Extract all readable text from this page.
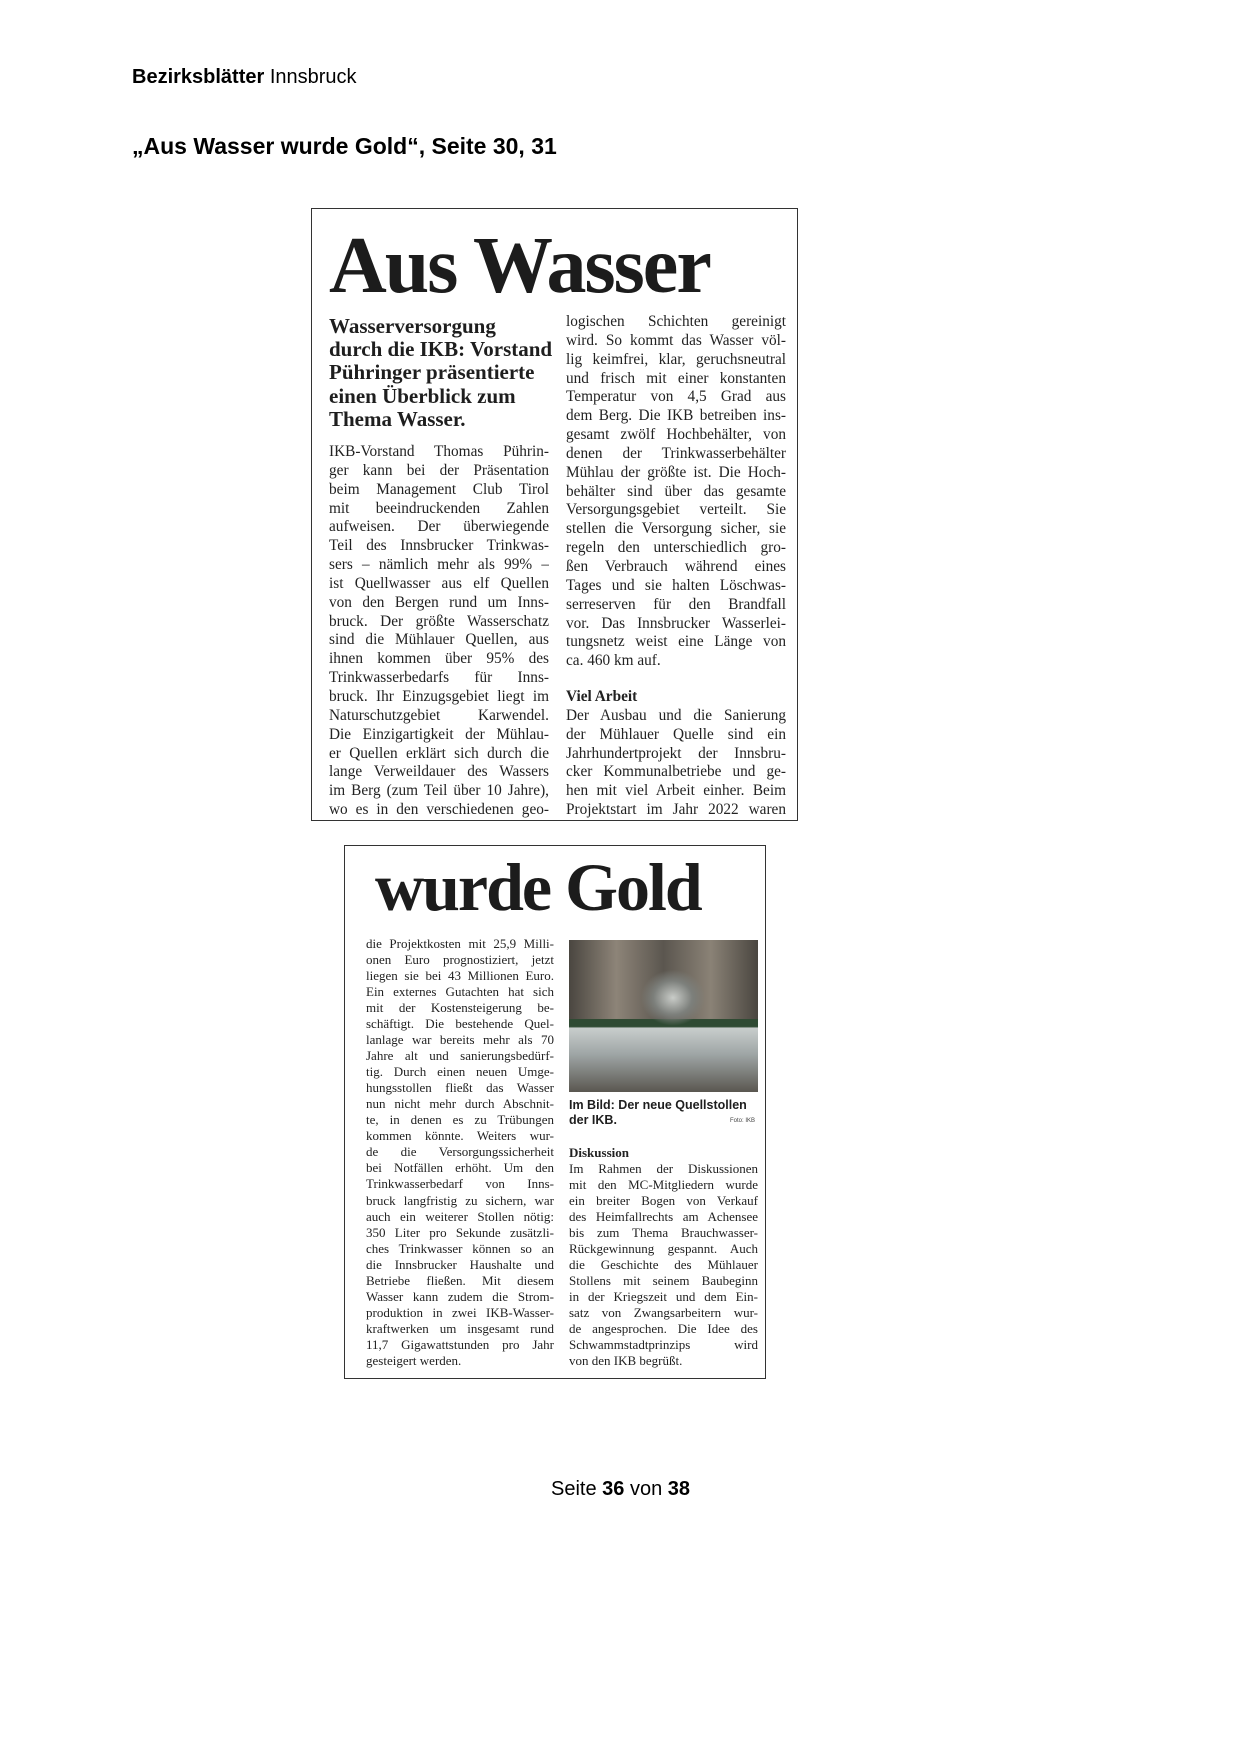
Bezirksblätter Innsbruck
„Aus Wasser wurde Gold“, Seite 30, 31
Aus Wasser
Wasserversorgung
durch die IKB: Vorstand
Pühringer präsentierte
einen Überblick zum
Thema Wasser.
IKB-Vorstand Thomas Pührin-
ger kann bei der Präsentation
beim Management Club Tirol
mit beeindruckenden Zahlen
aufweisen. Der überwiegende
Teil des Innsbrucker Trinkwas-
sers – nämlich mehr als 99% –
ist Quellwasser aus elf Quellen
von den Bergen rund um Inns-
bruck. Der größte Wasserschatz
sind die Mühlauer Quellen, aus
ihnen kommen über 95% des
Trinkwasserbedarfs für Inns-
bruck. Ihr Einzugsgebiet liegt im
Naturschutzgebiet Karwendel.
Die Einzigartigkeit der Mühlau-
er Quellen erklärt sich durch die
lange Verweildauer des Wassers
im Berg (zum Teil über 10 Jahre),
wo es in den verschiedenen geo-
logischen Schichten gereinigt
wird. So kommt das Wasser völ-
lig keimfrei, klar, geruchsneutral
und frisch mit einer konstanten
Temperatur von 4,5 Grad aus
dem Berg. Die IKB betreiben ins-
gesamt zwölf Hochbehälter, von
denen der Trinkwasserbehälter
Mühlau der größte ist. Die Hoch-
behälter sind über das gesamte
Versorgungsgebiet verteilt. Sie
stellen die Versorgung sicher, sie
regeln den unterschiedlich gro-
ßen Verbrauch während eines
Tages und sie halten Löschwas-
serreserven für den Brandfall
vor. Das Innsbrucker Wasserlei-
tungsnetz weist eine Länge von
ca. 460 km auf.
Viel Arbeit
Der Ausbau und die Sanierung
der Mühlauer Quelle sind ein
Jahrhundertprojekt der Innsbru-
cker Kommunalbetriebe und ge-
hen mit viel Arbeit einher. Beim
Projektstart im Jahr 2022 waren
wurde Gold
die Projektkosten mit 25,9 Milli-
onen Euro prognostiziert, jetzt
liegen sie bei 43 Millionen Euro.
Ein externes Gutachten hat sich
mit der Kostensteigerung be-
schäftigt. Die bestehende Quel-
lanlage war bereits mehr als 70
Jahre alt und sanierungsbedürf-
tig. Durch einen neuen Umge-
hungsstollen fließt das Wasser
nun nicht mehr durch Abschnit-
te, in denen es zu Trübungen
kommen könnte. Weiters wur-
de die Versorgungssicherheit
bei Notfällen erhöht. Um den
Trinkwasserbedarf von Inns-
bruck langfristig zu sichern, war
auch ein weiterer Stollen nötig:
350 Liter pro Sekunde zusätzli-
ches Trinkwasser können so an
die Innsbrucker Haushalte und
Betriebe fließen. Mit diesem
Wasser kann zudem die Strom-
produktion in zwei IKB-Wasser-
kraftwerken um insgesamt rund
11,7 Gigawattstunden pro Jahr
gesteigert werden.
Im Bild: Der neue Quellstollen
der IKB.	Foto: IKB
Diskussion
Im Rahmen der Diskussionen
mit den MC-Mitgliedern wurde
ein breiter Bogen von Verkauf
des Heimfallrechts am Achensee
bis zum Thema Brauchwasser-
Rückgewinnung gespannt. Auch
die Geschichte des Mühlauer
Stollens mit seinem Baubeginn
in der Kriegszeit und dem Ein-
satz von Zwangsarbeitern wur-
de angesprochen. Die Idee des
Schwammstadtprinzips wird
von den IKB begrüßt.
Seite 36 von 38
